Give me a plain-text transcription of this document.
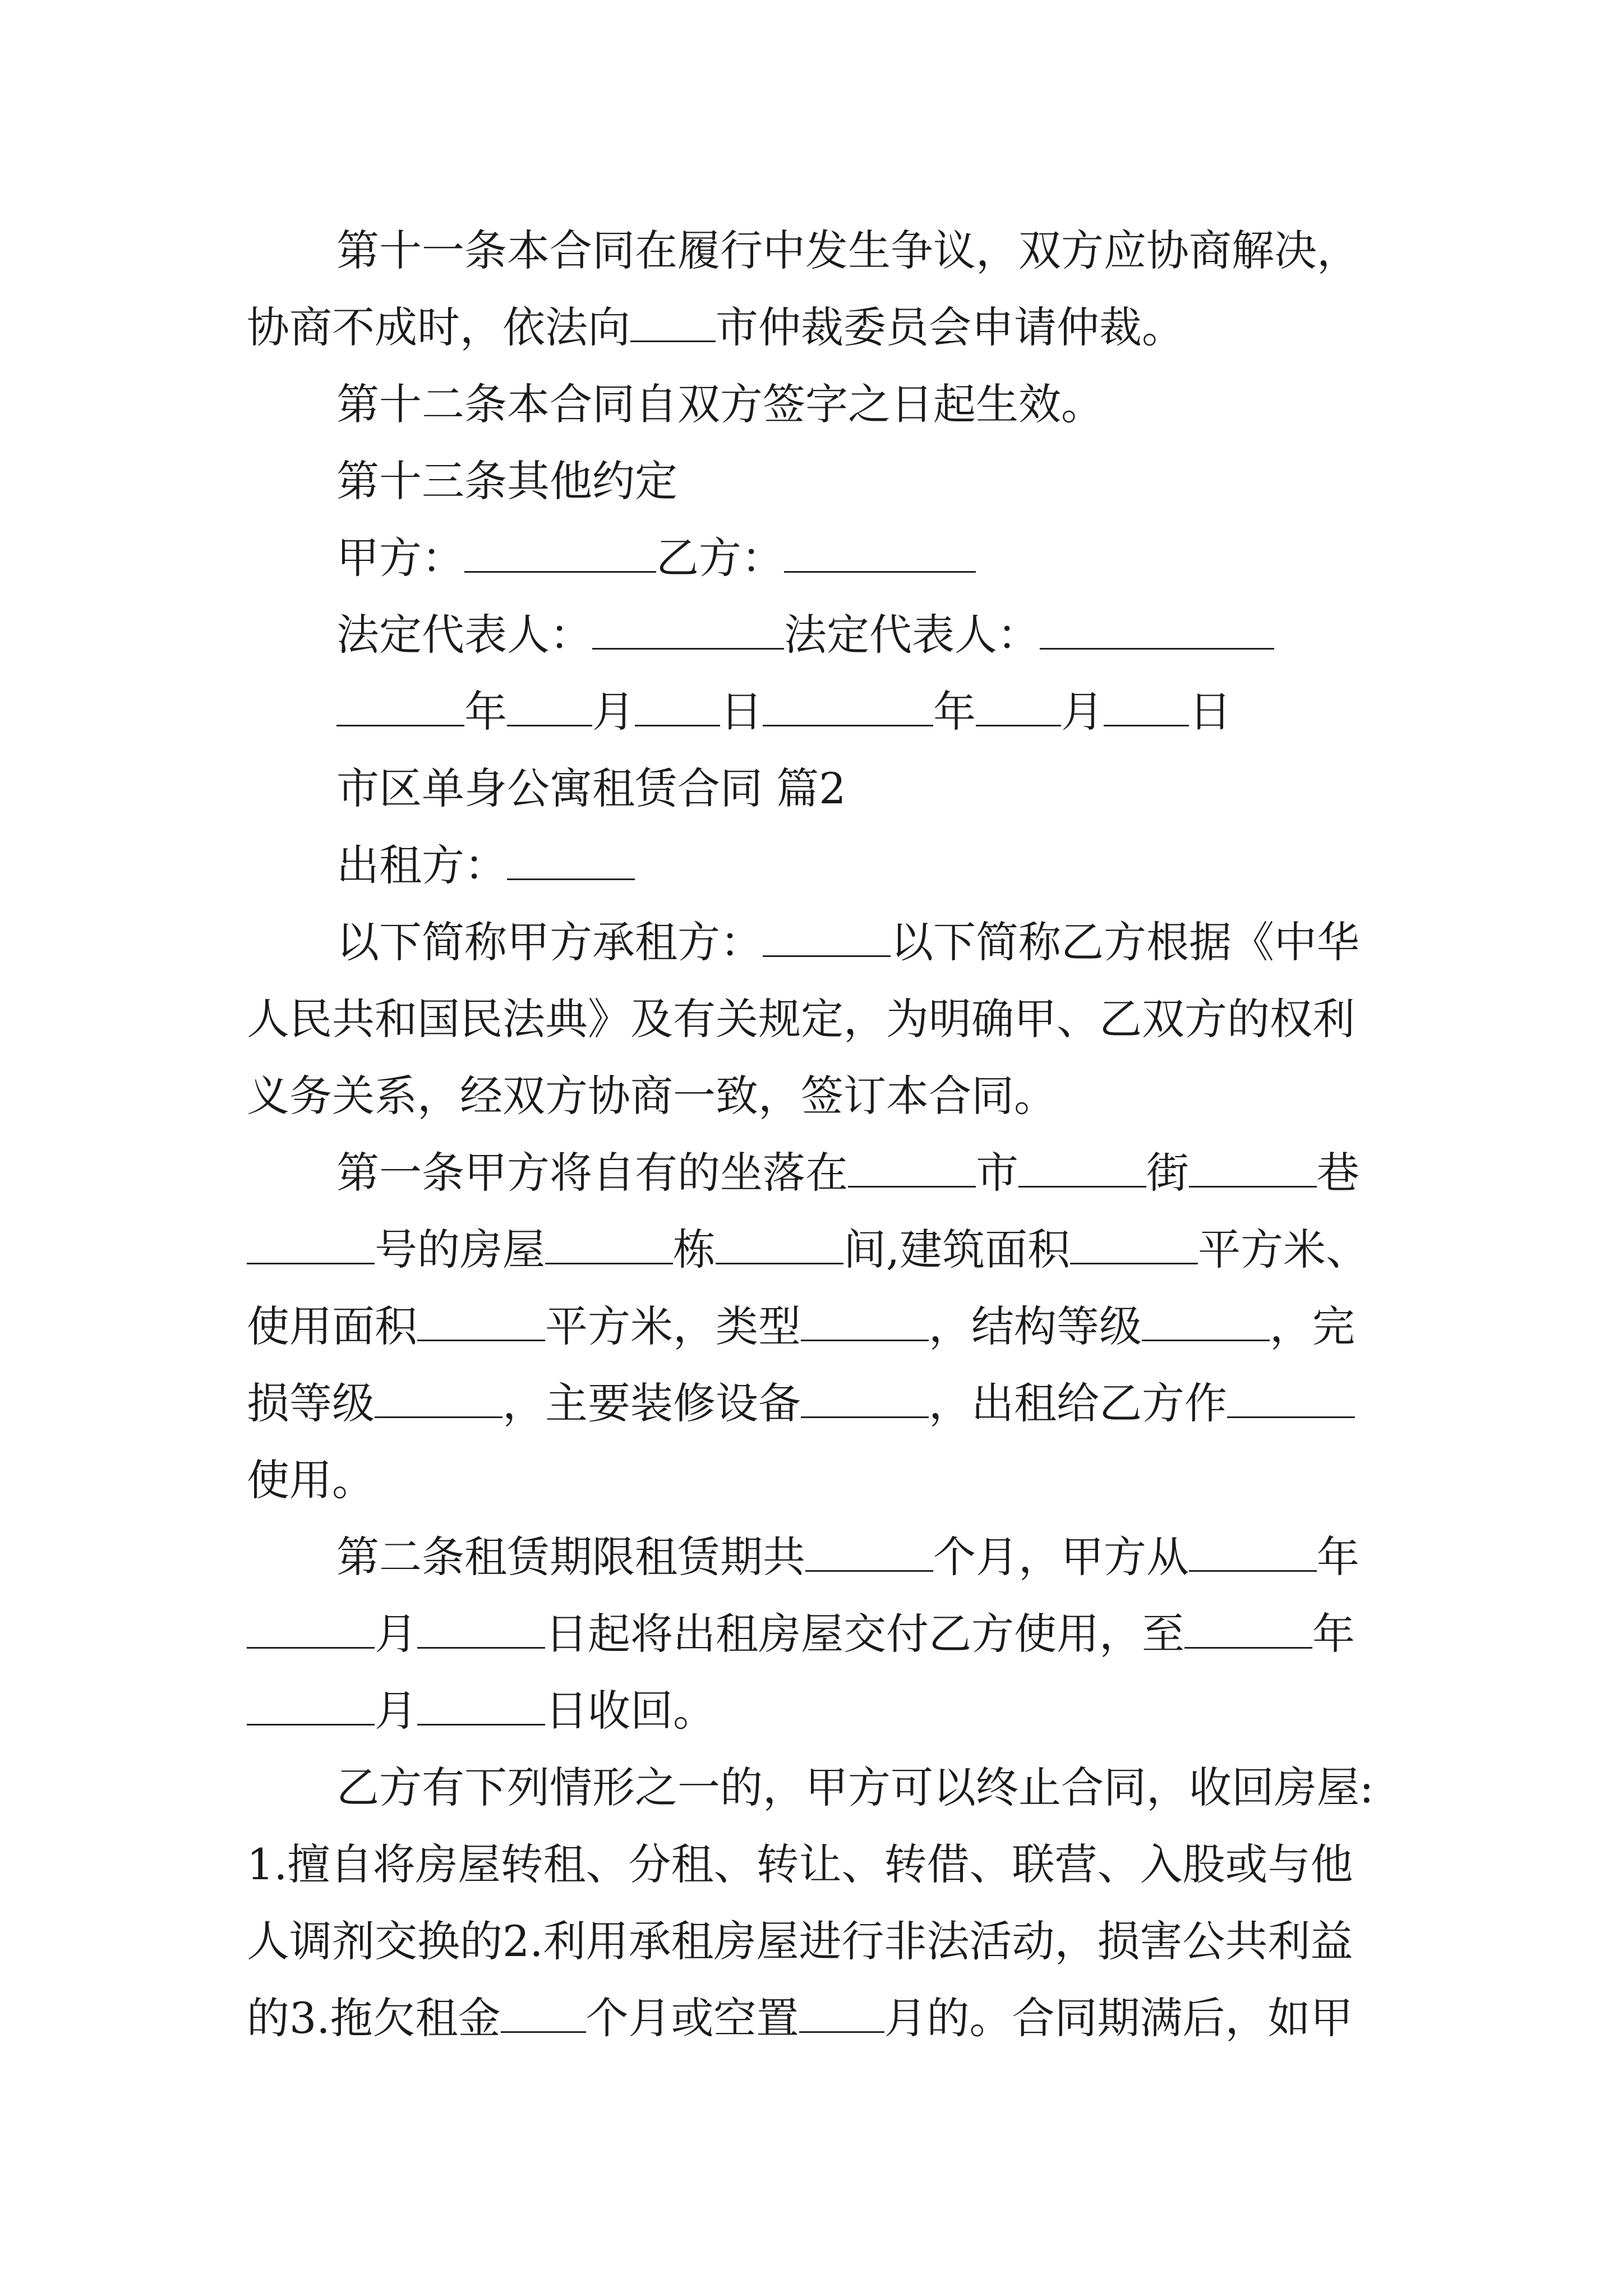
第十一条本合同在履行中发生争议，双方应协商解决，
协商不成时，依法向 市仲裁委员会申请仲裁。
第十二条本合同自双方签字之日起生效。
第十三条其他约定
甲方：	乙方：
法定代表人：	法定代表人：
年 月 日	年 月 日
市区单身公寓租赁合同 篇2
出租方：
以下简称甲方承租方：	以下简称乙方根据《中华
人民共和国民法典》及有关规定，为明确甲、乙双方的权利
义务关系，经双方协商一致，签订本合同。
第一条甲方将自有的坐落在	市	街	巷
号的房屋	栋	间,建筑面积	平方米、
使用面积	平方米，类型	，结构等级	，完
损等级	，主要装修设备	，出租给乙方作
使用。
第二条租赁期限租赁期共	个月，甲方从	年
月	日起将出租房屋交付乙方使用，至	年
月	日收回。
乙方有下列情形之一的，甲方可以终止合同，收回房屋:
1.擅自将房屋转租、分租、转让、转借、联营、入股或与他
人调剂交换的2.利用承租房屋进行非法活动，损害公共利益
的3.拖欠租金 个月或空置 月的。合同期满后，如甲
